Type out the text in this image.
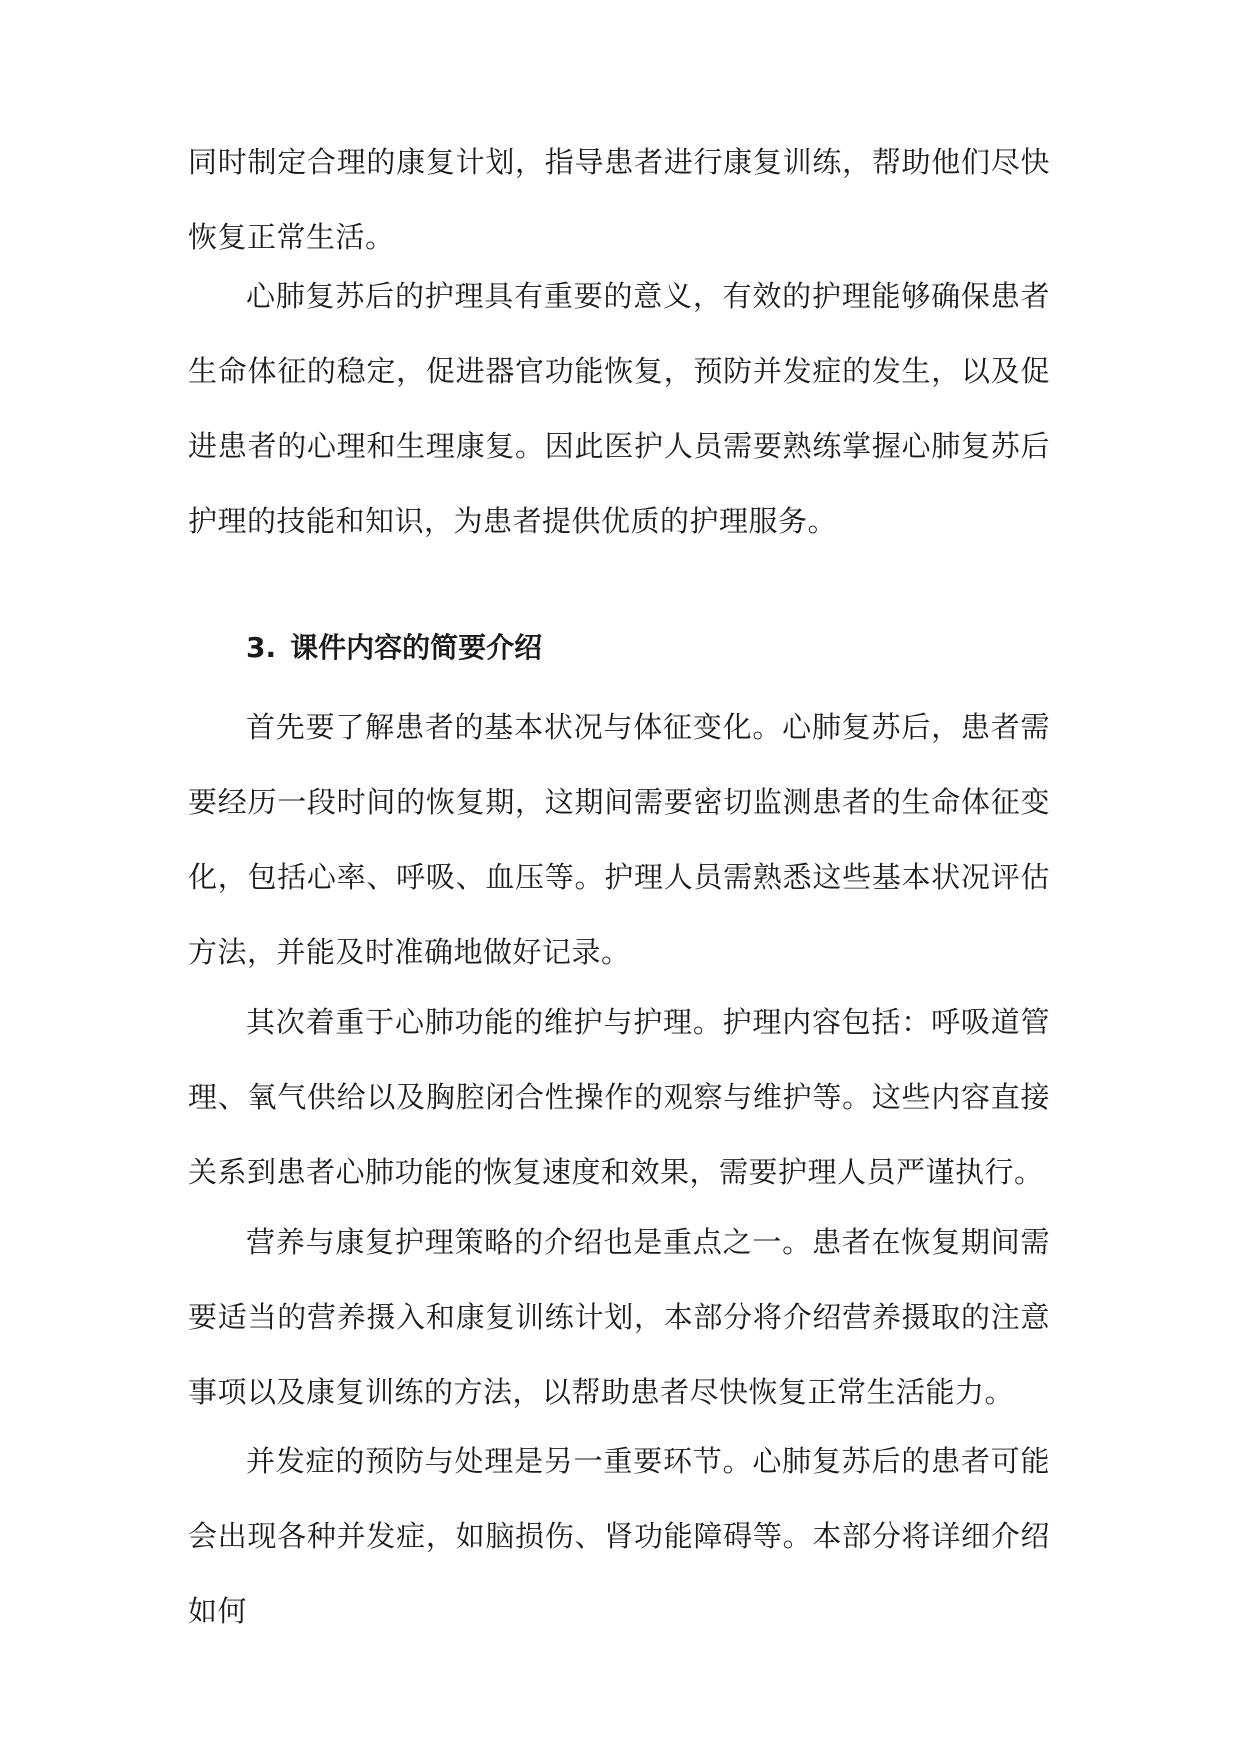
同时制定合理的康复计划，指导患者进行康复训练，帮助他们尽快恢复正常生活。

心肺复苏后的护理具有重要的意义，有效的护理能够确保患者生命体征的稳定，促进器官功能恢复，预防并发症的发生，以及促进患者的心理和生理康复。因此医护人员需要熟练掌握心肺复苏后护理的技能和知识，为患者提供优质的护理服务。

3. 课件内容的简要介绍

首先要了解患者的基本状况与体征变化。心肺复苏后，患者需要经历一段时间的恢复期，这期间需要密切监测患者的生命体征变化，包括心率、呼吸、血压等。护理人员需熟悉这些基本状况评估方法，并能及时准确地做好记录。

其次着重于心肺功能的维护与护理。护理内容包括：呼吸道管理、氧气供给以及胸腔闭合性操作的观察与维护等。这些内容直接关系到患者心肺功能的恢复速度和效果，需要护理人员严谨执行。

营养与康复护理策略的介绍也是重点之一。患者在恢复期间需要适当的营养摄入和康复训练计划，本部分将介绍营养摄取的注意事项以及康复训练的方法，以帮助患者尽快恢复正常生活能力。

并发症的预防与处理是另一重要环节。心肺复苏后的患者可能会出现各种并发症，如脑损伤、肾功能障碍等。本部分将详细介绍如何
